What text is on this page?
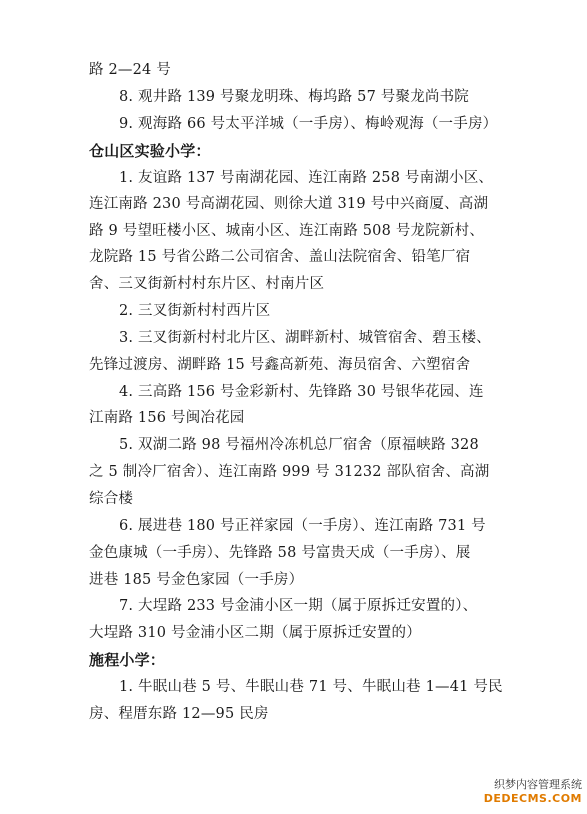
路 2—24 号
8. 观井路 139 号聚龙明珠、梅坞路 57 号聚龙尚书院
9. 观海路 66 号太平洋城（一手房）、梅岭观海（一手房）
仓山区实验小学：
1. 友谊路 137 号南湖花园、连江南路 258 号南湖小区、
连江南路 230 号高湖花园、则徐大道 319 号中兴商厦、高湖
路 9 号望旺楼小区、城南小区、连江南路 508 号龙院新村、
龙院路 15 号省公路二公司宿舍、盖山法院宿舍、铅笔厂宿
舍、三叉街新村村东片区、村南片区
2. 三叉街新村村西片区
3. 三叉街新村村北片区、湖畔新村、城管宿舍、碧玉楼、
先锋过渡房、湖畔路 15 号鑫高新苑、海员宿舍、六塑宿舍
4. 三高路 156 号金彩新村、先锋路 30 号银华花园、连
江南路 156 号闽冶花园
5. 双湖二路 98 号福州冷冻机总厂宿舍（原福峡路 328
之 5 制冷厂宿舍）、连江南路 999 号 31232 部队宿舍、高湖
综合楼
6. 展进巷 180 号正祥家园（一手房）、连江南路 731 号
金色康城（一手房）、先锋路 58 号富贵天成（一手房）、展
进巷 185 号金色家园（一手房）
7. 大埕路 233 号金浦小区一期（属于原拆迁安置的）、
大埕路 310 号金浦小区二期（属于原拆迁安置的）
施程小学：
1. 牛眠山巷 5 号、牛眠山巷 71 号、牛眠山巷 1—41 号民
房、程厝东路 12—95 民房
织梦内容管理系统
DEDECMS.COM
